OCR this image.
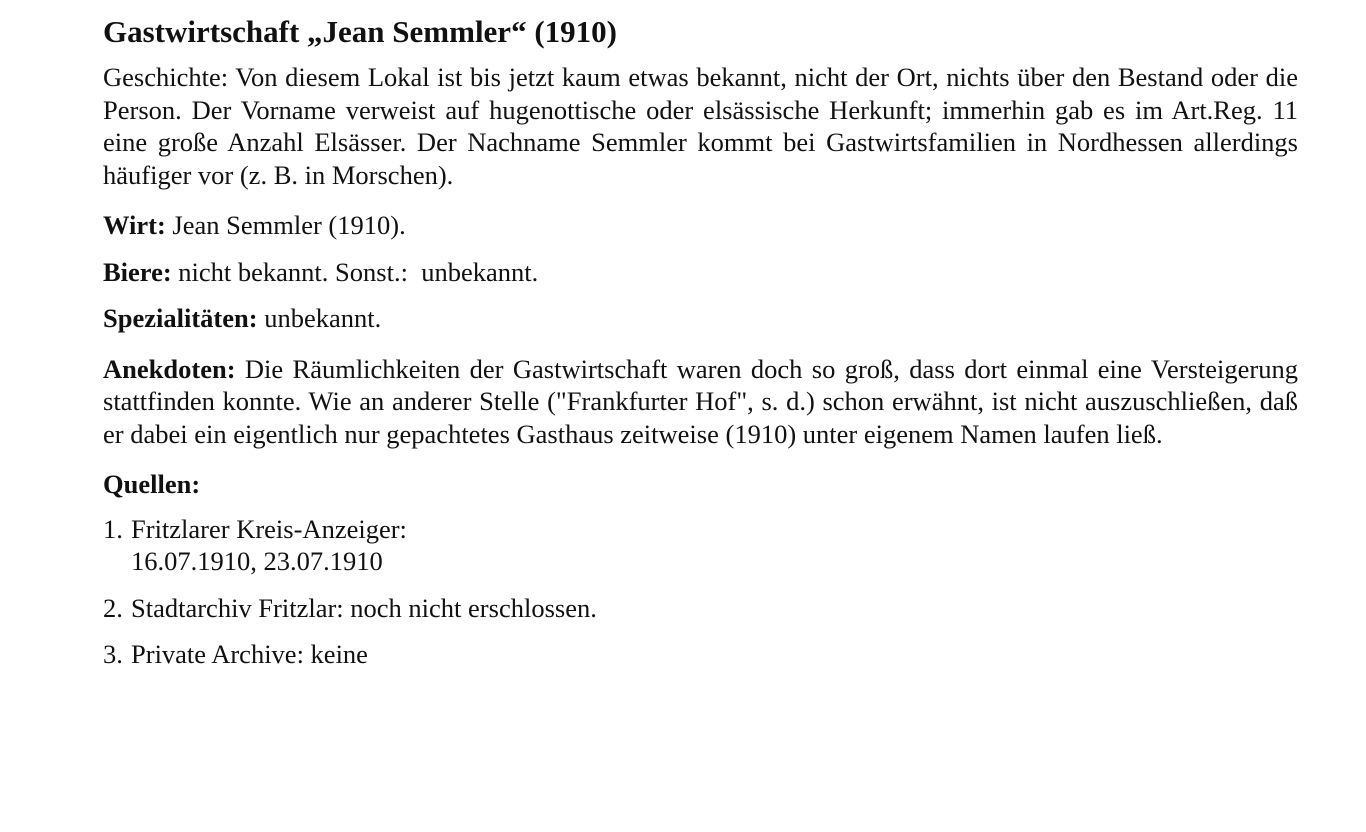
Gastwirtschaft „Jean Semmler“ (1910)

Geschichte: Von diesem Lokal ist bis jetzt kaum etwas bekannt, nicht der Ort, nichts über den Bestand oder die Person. Der Vorname verweist auf hugenottische oder elsässische Herkunft; immerhin gab es im Art.Reg. 11 eine große Anzahl Elsässer. Der Nachname Semmler kommt bei Gastwirtsfamilien in Nordhessen allerdings häufiger vor (z. B. in Morschen).

Wirt: Jean Semmler (1910).

Biere: nicht bekannt. Sonst.:  unbekannt.

Spezialitäten: unbekannt.

Anekdoten: Die Räumlichkeiten der Gastwirtschaft waren doch so groß, dass dort einmal eine Versteigerung stattfinden konnte. Wie an anderer Stelle ("Frankfurter Hof", s. d.) schon erwähnt, ist nicht auszuschließen, daß er dabei ein eigentlich nur gepachtetes Gasthaus zeitweise (1910) unter eigenem Namen laufen ließ.

Quellen:

1. Fritzlarer Kreis-Anzeiger:
16.07.1910, 23.07.1910
2. Stadtarchiv Fritzlar: noch nicht erschlossen.
3. Private Archive: keine
